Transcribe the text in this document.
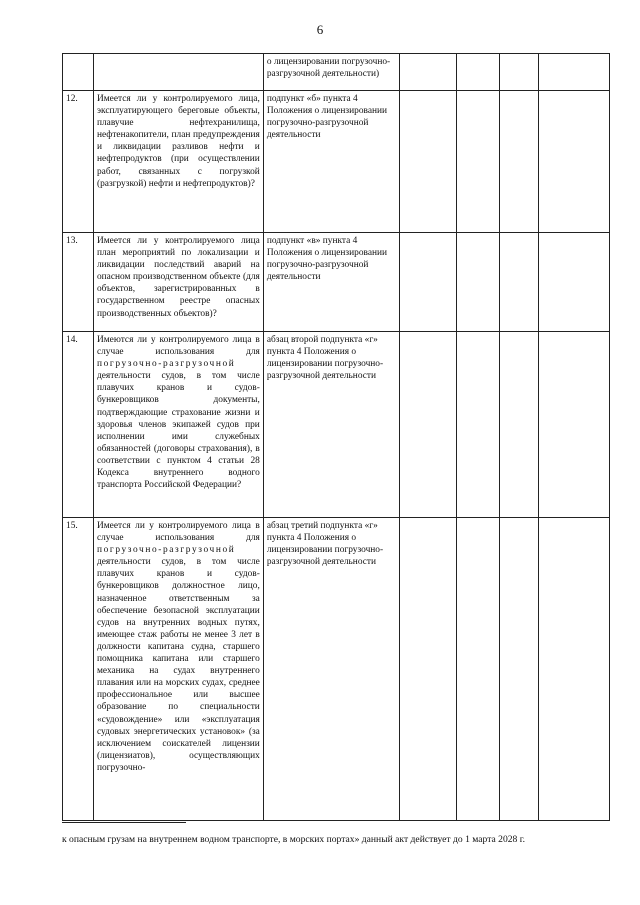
6
		о лицензировании погрузочно-разгрузочной деятельности)				
12.	Имеется ли у контролируемого лица, эксплуатирующего береговые объекты, плавучие нефтехранилища, нефтенакопители, план предупреждения и ликвидации разливов нефти и нефтепродуктов (при осуществлении работ, связанных с погрузкой (разгрузкой) нефти и нефтепродуктов)?	подпункт «б» пункта 4 Положения о лицензировании погрузочно-разгрузочной деятельности				
13.	Имеется ли у контролируемого лица план мероприятий по локализации и ликвидации последствий аварий на опасном производственном объекте (для объектов, зарегистрированных в государственном реестре опасных производственных объектов)?	подпункт «в» пункта 4 Положения о лицензировании погрузочно-разгрузочной деятельности				
14.	Имеются ли у контролируемого лица в случае использования для погрузочно-разгрузочной деятельности судов, в том числе плавучих кранов и судов-бункеровщиков документы, подтверждающие страхование жизни и здоровья членов экипажей судов при исполнении ими служебных обязанностей (договоры страхования), в соответствии с пунктом 4 статьи 28 Кодекса внутреннего водного транспорта Российской Федерации?	абзац второй подпункта «г» пункта 4 Положения о лицензировании погрузочно-разгрузочной деятельности				
15.	Имеется ли у контролируемого лица в случае использования для погрузочно-разгрузочной деятельности судов, в том числе плавучих кранов и судов-бункеровщиков должностное лицо, назначенное ответственным за обеспечение безопасной эксплуатации судов на внутренних водных путях, имеющее стаж работы не менее 3 лет в должности капитана судна, старшего помощника капитана или старшего механика на судах внутреннего плавания или на морских судах, среднее профессиональное или высшее образование по специальности «судовождение» или «эксплуатация судовых энергетических установок» (за исключением соискателей лицензии (лицензиатов), осуществляющих погрузочно-	абзац третий подпункта «г» пункта 4 Положения о лицензировании погрузочно-разгрузочной деятельности				
к опасным грузам на внутреннем водном транспорте, в морских портах» данный акт действует до 1 марта 2028 г.
